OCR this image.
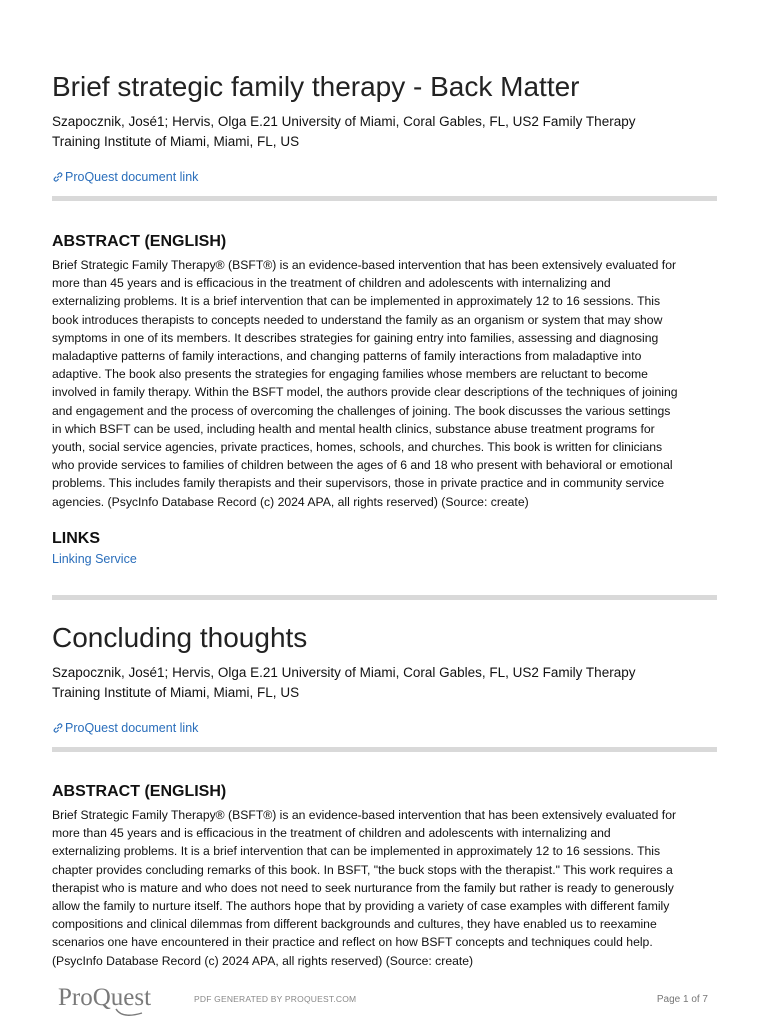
Brief strategic family therapy - Back Matter
Szapocznik, José1; Hervis, Olga E.21 University of Miami, Coral Gables, FL, US2 Family Therapy
Training Institute of Miami, Miami, FL, US
ProQuest document link
ABSTRACT (ENGLISH)
Brief Strategic Family Therapy® (BSFT®) is an evidence-based intervention that has been extensively evaluated for
more than 45 years and is efficacious in the treatment of children and adolescents with internalizing and
externalizing problems. It is a brief intervention that can be implemented in approximately 12 to 16 sessions. This
book introduces therapists to concepts needed to understand the family as an organism or system that may show
symptoms in one of its members. It describes strategies for gaining entry into families, assessing and diagnosing
maladaptive patterns of family interactions, and changing patterns of family interactions from maladaptive into
adaptive. The book also presents the strategies for engaging families whose members are reluctant to become
involved in family therapy. Within the BSFT model, the authors provide clear descriptions of the techniques of joining
and engagement and the process of overcoming the challenges of joining. The book discusses the various settings
in which BSFT can be used, including health and mental health clinics, substance abuse treatment programs for
youth, social service agencies, private practices, homes, schools, and churches. This book is written for clinicians
who provide services to families of children between the ages of 6 and 18 who present with behavioral or emotional
problems. This includes family therapists and their supervisors, those in private practice and in community service
agencies. (PsycInfo Database Record (c) 2024 APA, all rights reserved) (Source: create)
LINKS
Linking Service
Concluding thoughts
Szapocznik, José1; Hervis, Olga E.21 University of Miami, Coral Gables, FL, US2 Family Therapy
Training Institute of Miami, Miami, FL, US
ProQuest document link
ABSTRACT (ENGLISH)
Brief Strategic Family Therapy® (BSFT®) is an evidence-based intervention that has been extensively evaluated for
more than 45 years and is efficacious in the treatment of children and adolescents with internalizing and
externalizing problems. It is a brief intervention that can be implemented in approximately 12 to 16 sessions. This
chapter provides concluding remarks of this book. In BSFT, "the buck stops with the therapist." This work requires a
therapist who is mature and who does not need to seek nurturance from the family but rather is ready to generously
allow the family to nurture itself. The authors hope that by providing a variety of case examples with different family
compositions and clinical dilemmas from different backgrounds and cultures, they have enabled us to reexamine
scenarios one have encountered in their practice and reflect on how BSFT concepts and techniques could help.
(PsycInfo Database Record (c) 2024 APA, all rights reserved) (Source: create)
ProQuest	PDF GENERATED BY PROQUEST.COM	Page 1 of 7
